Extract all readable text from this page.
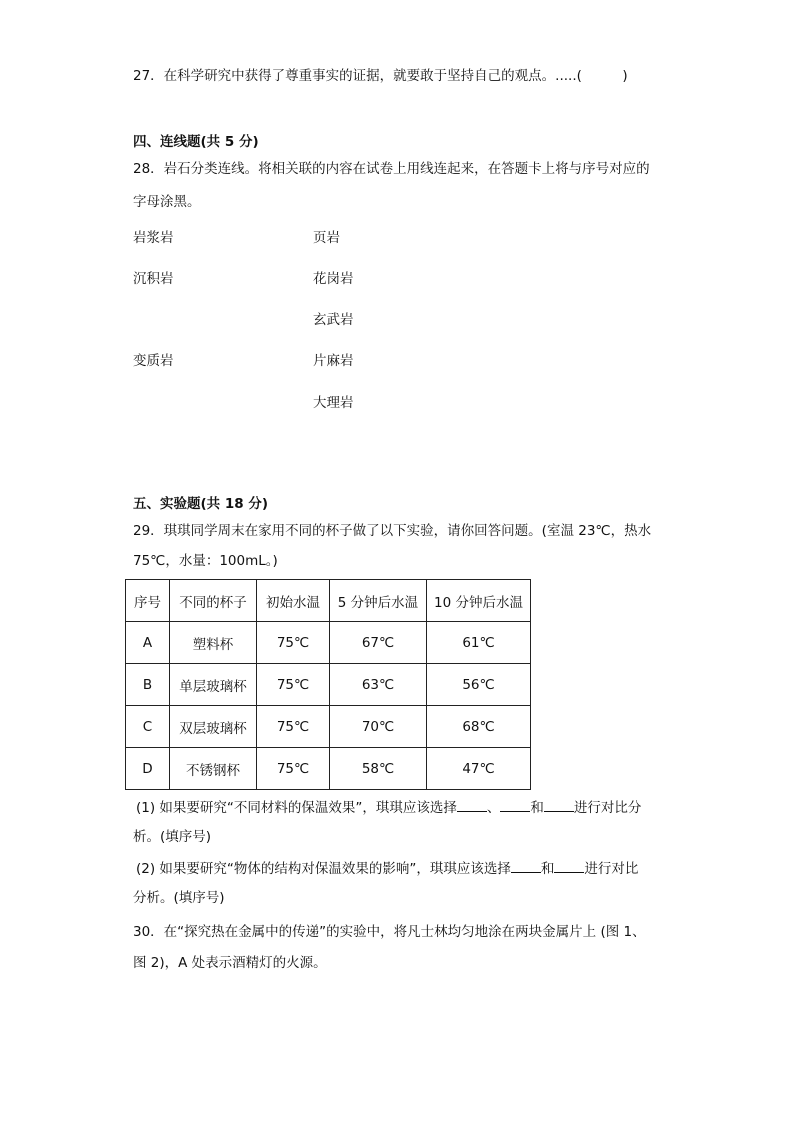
27．在科学研究中获得了尊重事实的证据，就要敢于坚持自己的观点。.....(　　　)
四、连线题(共 5 分)
28．岩石分类连线。将相关联的内容在试卷上用线连起来，在答题卡上将与序号对应的
字母涂黑。
岩浆岩
沉积岩
变质岩
页岩
花岗岩
玄武岩
片麻岩
大理岩
五、实验题(共 18 分)
29．琪琪同学周末在家用不同的杯子做了以下实验，请你回答问题。(室温 23℃，热水
75℃，水量：100mL。)
序号	不同的杯子	初始水温	5 分钟后水温	10 分钟后水温
A	塑料杯	75℃	67℃	61℃
B	单层玻璃杯	75℃	63℃	56℃
C	双层玻璃杯	75℃	70℃	68℃
D	不锈钢杯	75℃	58℃	47℃
(1) 如果要研究“不同材料的保温效果”，琪琪应该选择 、 和 进行对比分
析。(填序号)
(2) 如果要研究“物体的结构对保温效果的影响”，琪琪应该选择 和 进行对比
分析。(填序号)
30．在“探究热在金属中的传递”的实验中，将凡士林均匀地涂在两块金属片上 (图 1、
图 2)，A 处表示酒精灯的火源。
